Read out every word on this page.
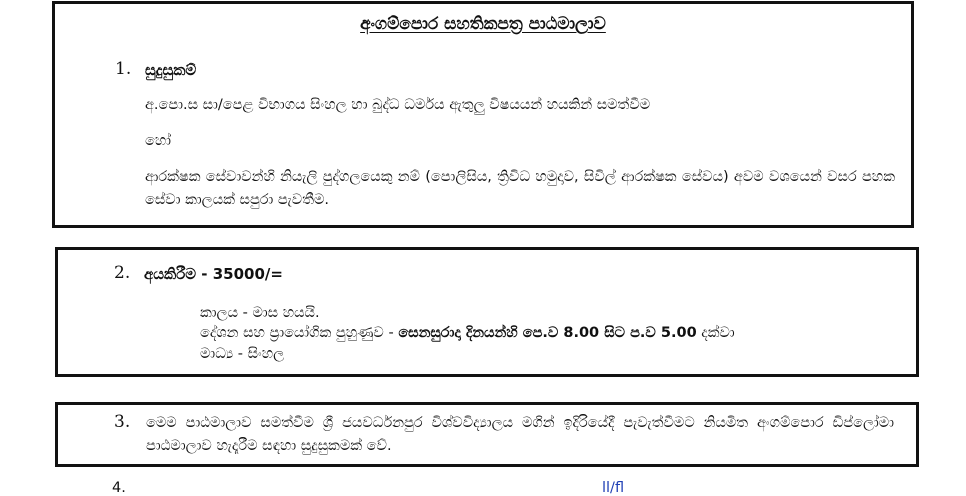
අංගම්පොර සහතිකපත්‍ර පාඨමාලාව
1. සුදුසුකම්
අ.පො.ස සා/පෙළ විභාගය සිංහල හා බුද්ධ ධර්මය ඇතුලු විෂයයන් හයකින් සමත්වීම
හෝ
ආරක්ෂක සේවාවන්හි නියැලි පුද්ගලයෙකු නම් (පොලිසිය, ත්‍රිවිධ හමුදාව, සිවිල් ආරක්ෂක සේවය) අවම වශයෙන් වසර පහක සේවා කාලයක් සපුරා පැවතීම.
2. අයකිරීම - 35000/=
කාලය - මාස හයයි.
දේශන සහ ප්‍රායෝගික පුහුණුව - සෙනසුරාදා දිනයන්හි පෙ.ව 8.00 සිට ප.ව 5.00 දක්වා
මාධ්‍ය - සිංහල
3. මෙම පාඨමාලාව සමත්වීම ශ්‍රී ජයවර්ධනපුර විශ්වවිද්‍යාලය මගින් ඉදිරියේදී පැවැත්වීමට නියමිත අංගම්පොර ඩිප්ලෝමා පාඨමාලාව හැදෑරීම සඳහා සුදුසුකමක් වේ.
4.	ll/fl
